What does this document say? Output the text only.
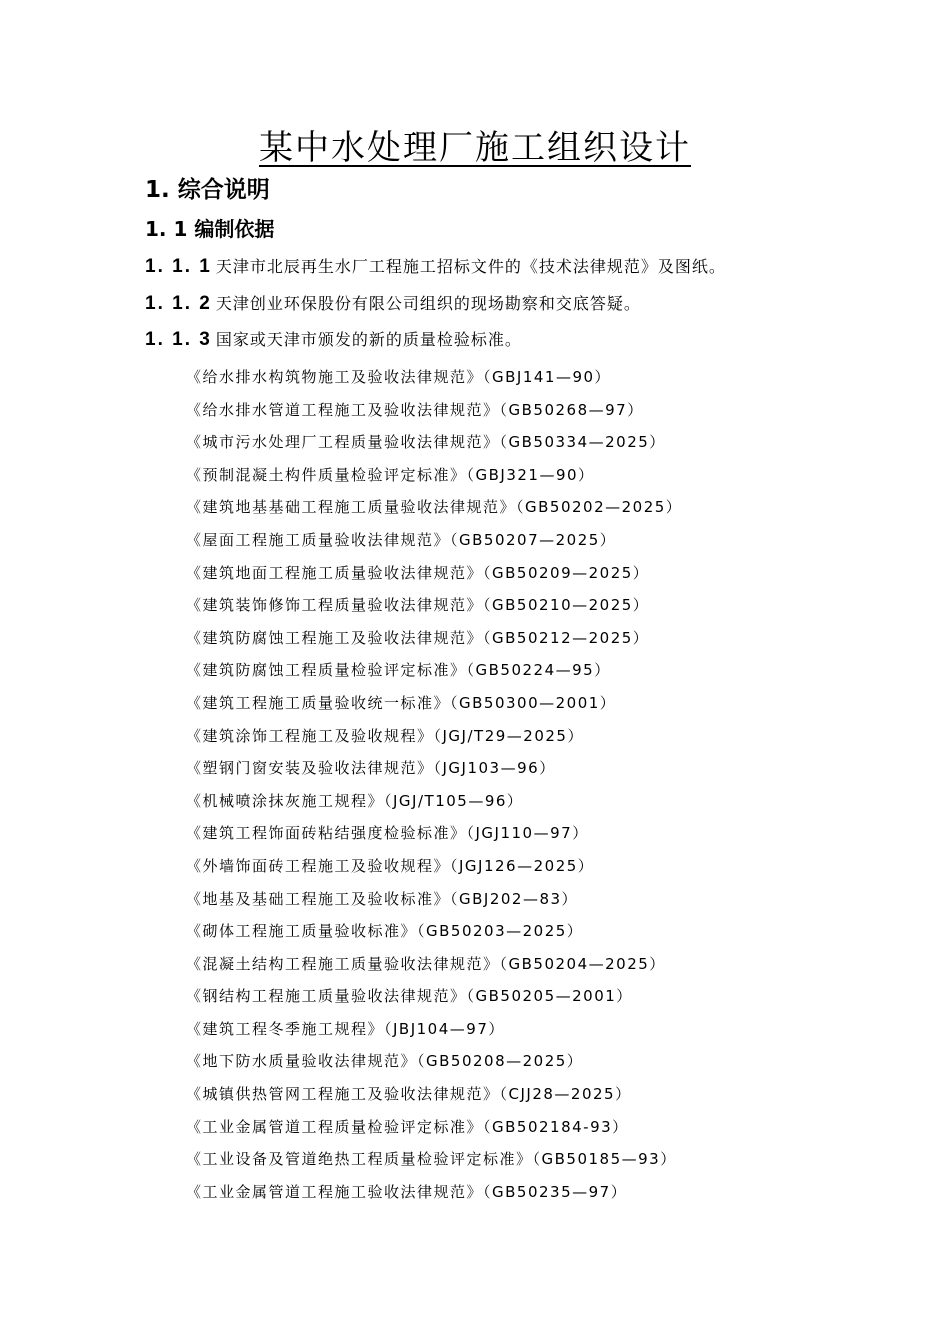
某中水处理厂施工组织设计
1. 综合说明
1. 1 编制依据
1. 1. 1 天津市北辰再生水厂工程施工招标文件的《技术法律规范》及图纸。
1. 1. 2 天津创业环保股份有限公司组织的现场勘察和交底答疑。
1. 1. 3 国家或天津市颁发的新的质量检验标准。
《给水排水构筑物施工及验收法律规范》（GBJ141—90）
《给水排水管道工程施工及验收法律规范》（GB50268—97）
《城市污水处理厂工程质量验收法律规范》（GB50334—2025）
《预制混凝土构件质量检验评定标准》（GBJ321—90）
《建筑地基基础工程施工质量验收法律规范》（GB50202—2025）
《屋面工程施工质量验收法律规范》（GB50207—2025）
《建筑地面工程施工质量验收法律规范》（GB50209—2025）
《建筑装饰修饰工程质量验收法律规范》（GB50210—2025）
《建筑防腐蚀工程施工及验收法律规范》（GB50212—2025）
《建筑防腐蚀工程质量检验评定标准》（GB50224—95）
《建筑工程施工质量验收统一标准》（GB50300—2001）
《建筑涂饰工程施工及验收规程》（JGJ/T29—2025）
《塑钢门窗安装及验收法律规范》（JGJ103—96）
《机械喷涂抹灰施工规程》（JGJ/T105—96）
《建筑工程饰面砖粘结强度检验标准》（JGJ110—97）
《外墙饰面砖工程施工及验收规程》（JGJ126—2025）
《地基及基础工程施工及验收标准》（GBJ202—83）
《砌体工程施工质量验收标准》（GB50203—2025）
《混凝土结构工程施工质量验收法律规范》（GB50204—2025）
《钢结构工程施工质量验收法律规范》（GB50205—2001）
《建筑工程冬季施工规程》（JBJ104—97）
《地下防水质量验收法律规范》（GB50208—2025）
《城镇供热管网工程施工及验收法律规范》（CJJ28—2025）
《工业金属管道工程质量检验评定标准》（GB502184-93）
《工业设备及管道绝热工程质量检验评定标准》（GB50185—93）
《工业金属管道工程施工验收法律规范》（GB50235—97）
